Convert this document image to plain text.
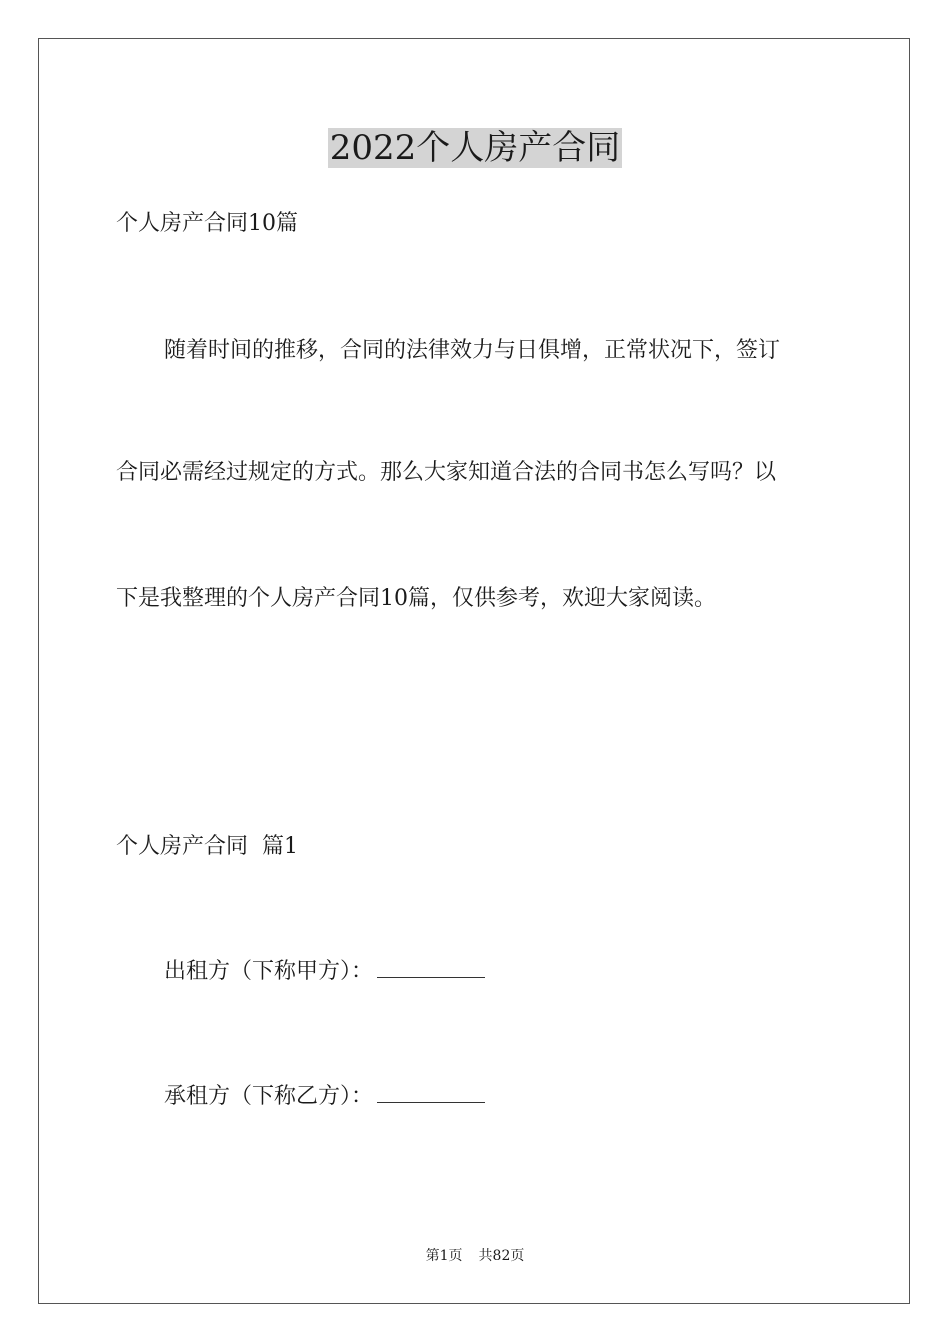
2022个人房产合同
个人房产合同10篇
随着时间的推移，合同的法律效力与日俱增，正常状况下，签订
合同必需经过规定的方式。那么大家知道合法的合同书怎么写吗？以
下是我整理的个人房产合同10篇，仅供参考，欢迎大家阅读。
个人房产合同  篇1
出租方（下称甲方）：
承租方（下称乙方）：
第1页 共82页
